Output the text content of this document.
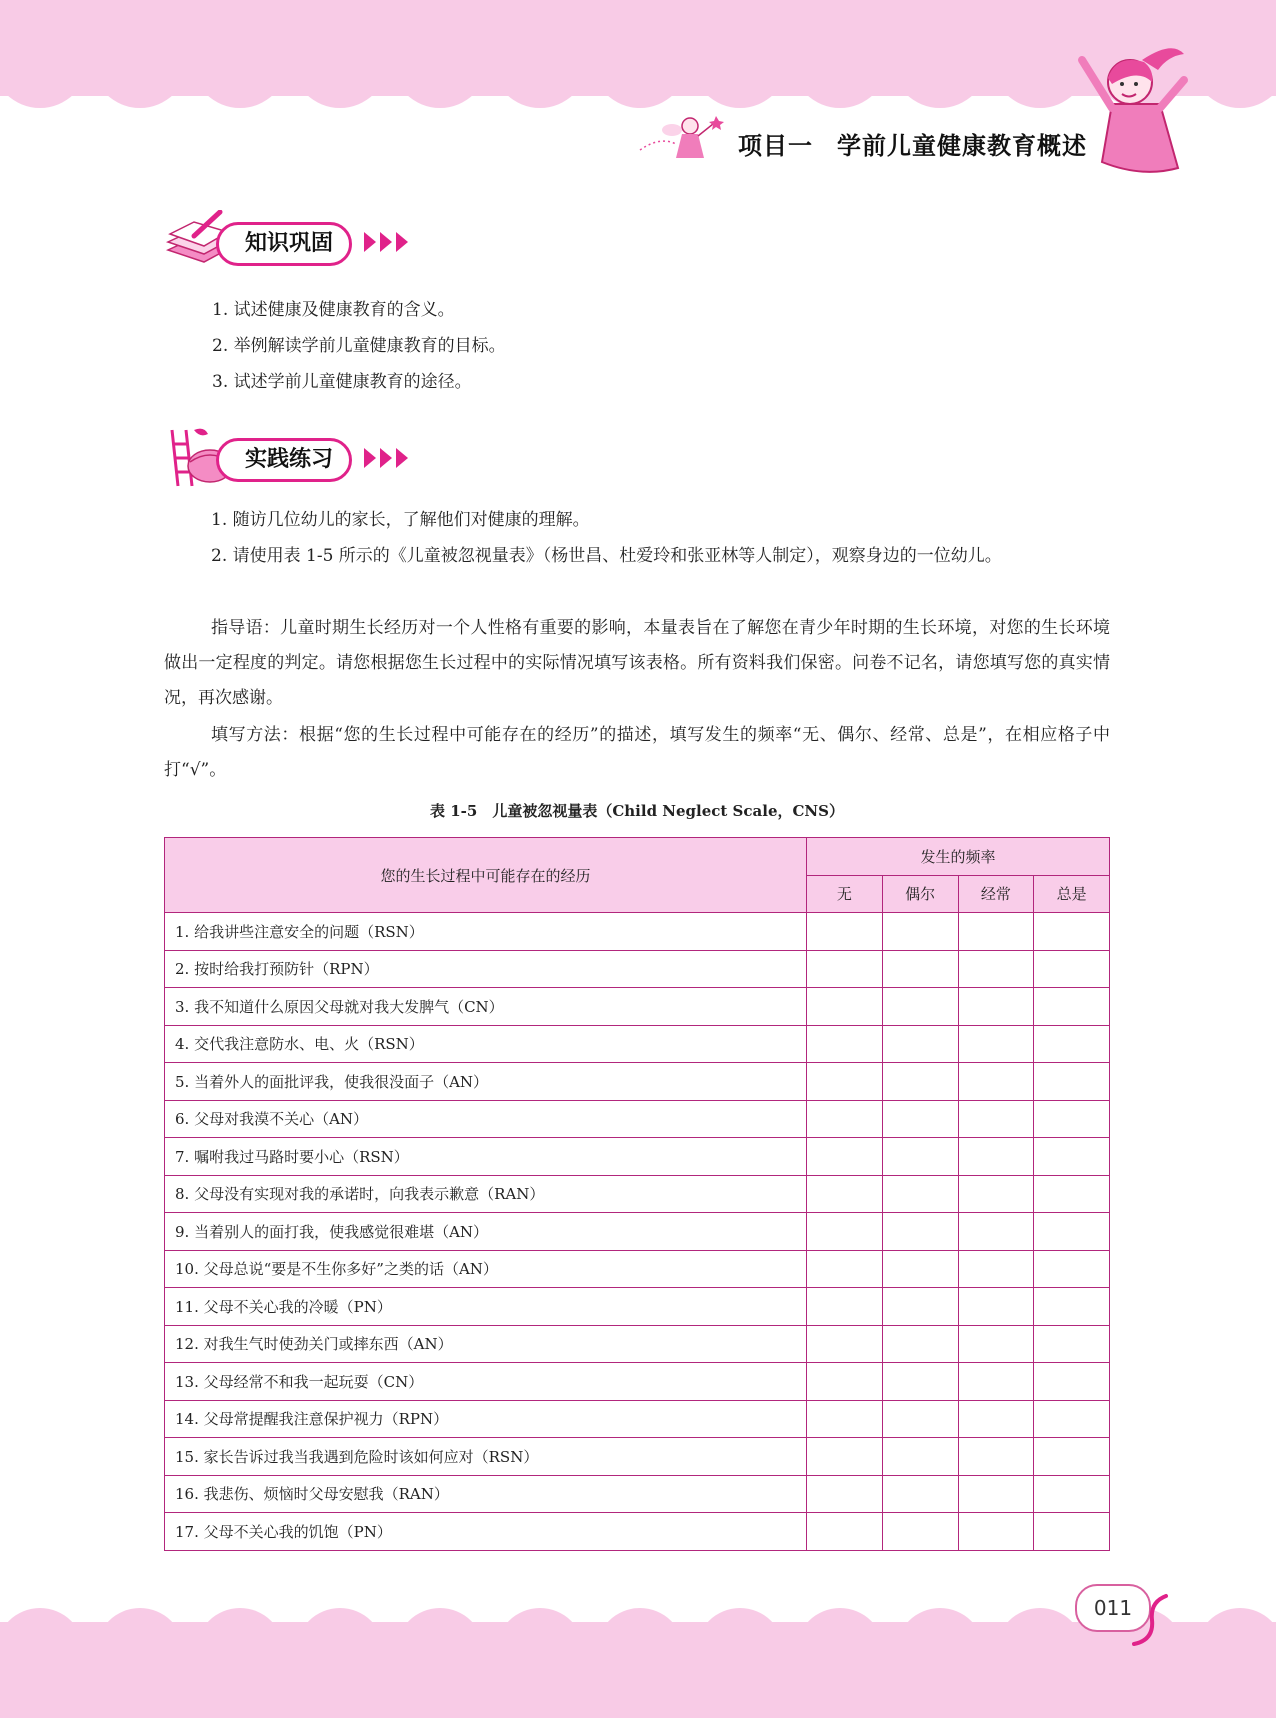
项目一 学前儿童健康教育概述
知识巩固
1. 试述健康及健康教育的含义。
2. 举例解读学前儿童健康教育的目标。
3. 试述学前儿童健康教育的途径。
实践练习

1. 随访几位幼儿的家长，了解他们对健康的理解。

2. 请使用表 1-5 所示的《儿童被忽视量表》（杨世昌、杜爱玲和张亚林等人制定），观察身边的一位幼儿。

指导语：儿童时期生长经历对一个人性格有重要的影响，本量表旨在了解您在青少年时期的生长环境，对您的生长环境做出一定程度的判定。请您根据您生长过程中的实际情况填写该表格。所有资料我们保密。问卷不记名，请您填写您的真实情况，再次感谢。

填写方法：根据“您的生长过程中可能存在的经历”的描述，填写发生的频率“无、偶尔、经常、总是”，在相应格子中打“√”。

表 1-5　儿童被忽视量表（Child Neglect Scale，CNS）
您的生长过程中可能存在的经历	发生的频率			
	无	偶尔	经常	总是
1. 给我讲些注意安全的问题（RSN）				
2. 按时给我打预防针（RPN）				
3. 我不知道什么原因父母就对我大发脾气（CN）				
4. 交代我注意防水、电、火（RSN）				
5. 当着外人的面批评我，使我很没面子（AN）				
6. 父母对我漠不关心（AN）				
7. 嘱咐我过马路时要小心（RSN）				
8. 父母没有实现对我的承诺时，向我表示歉意（RAN）				
9. 当着别人的面打我，使我感觉很难堪（AN）				
10. 父母总说“要是不生你多好”之类的话（AN）				
11. 父母不关心我的冷暖（PN）				
12. 对我生气时使劲关门或摔东西（AN）				
13. 父母经常不和我一起玩耍（CN）				
14. 父母常提醒我注意保护视力（RPN）				
15. 家长告诉过我当我遇到危险时该如何应对（RSN）				
16. 我悲伤、烦恼时父母安慰我（RAN）				
17. 父母不关心我的饥饱（PN）				
011
